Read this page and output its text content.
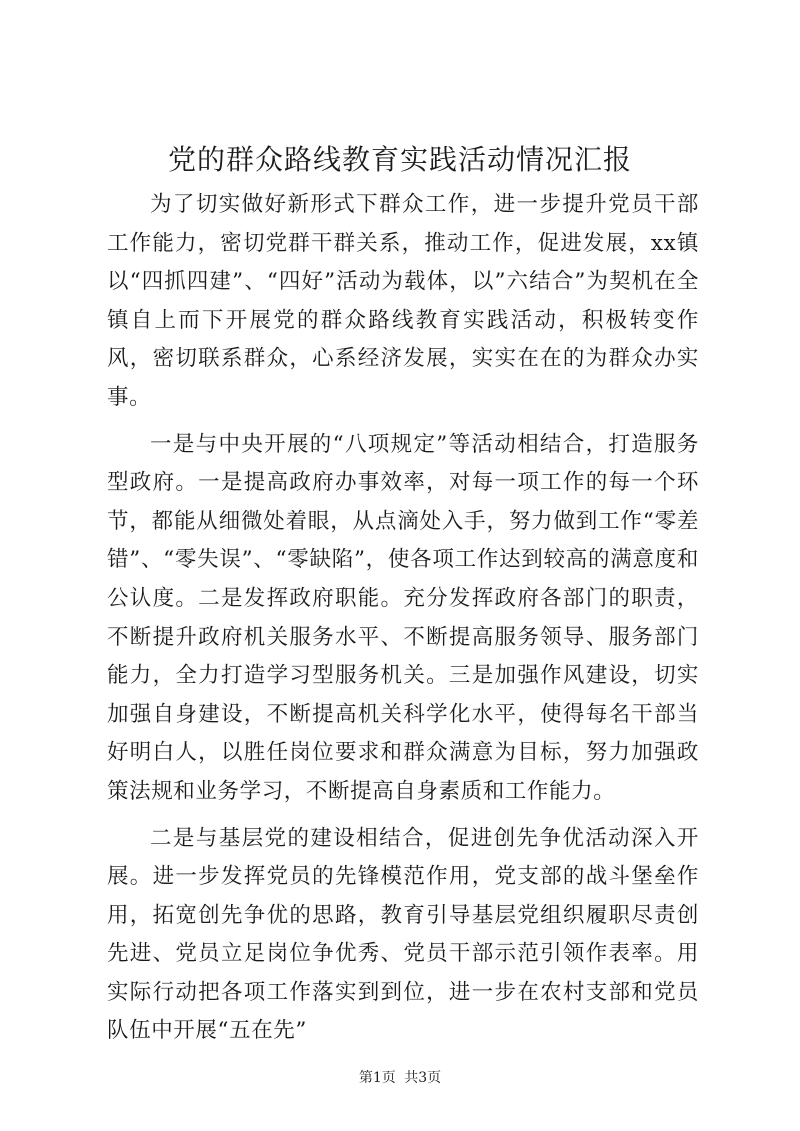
党的群众路线教育实践活动情况汇报

为了切实做好新形式下群众工作，进一步提升党员干部工作能力，密切党群干群关系，推动工作，促进发展，xx镇以“四抓四建”、“四好”活动为载体，以”六结合”为契机在全镇自上而下开展党的群众路线教育实践活动，积极转变作风，密切联系群众，心系经济发展，实实在在的为群众办实事。

一是与中央开展的“八项规定”等活动相结合，打造服务型政府。一是提高政府办事效率，对每一项工作的每一个环节，都能从细微处着眼，从点滴处入手，努力做到工作“零差错”、“零失误”、“零缺陷”，使各项工作达到较高的满意度和公认度。二是发挥政府职能。充分发挥政府各部门的职责，不断提升政府机关服务水平、不断提高服务领导、服务部门能力，全力打造学习型服务机关。三是加强作风建设，切实加强自身建设，不断提高机关科学化水平，使得每名干部当好明白人，以胜任岗位要求和群众满意为目标，努力加强政策法规和业务学习，不断提高自身素质和工作能力。

二是与基层党的建设相结合，促进创先争优活动深入开展。进一步发挥党员的先锋模范作用，党支部的战斗堡垒作用，拓宽创先争优的思路，教育引导基层党组织履职尽责创先进、党员立足岗位争优秀、党员干部示范引领作表率。用实际行动把各项工作落实到到位，进一步在农村支部和党员队伍中开展“五在先”

第1页 共3页
